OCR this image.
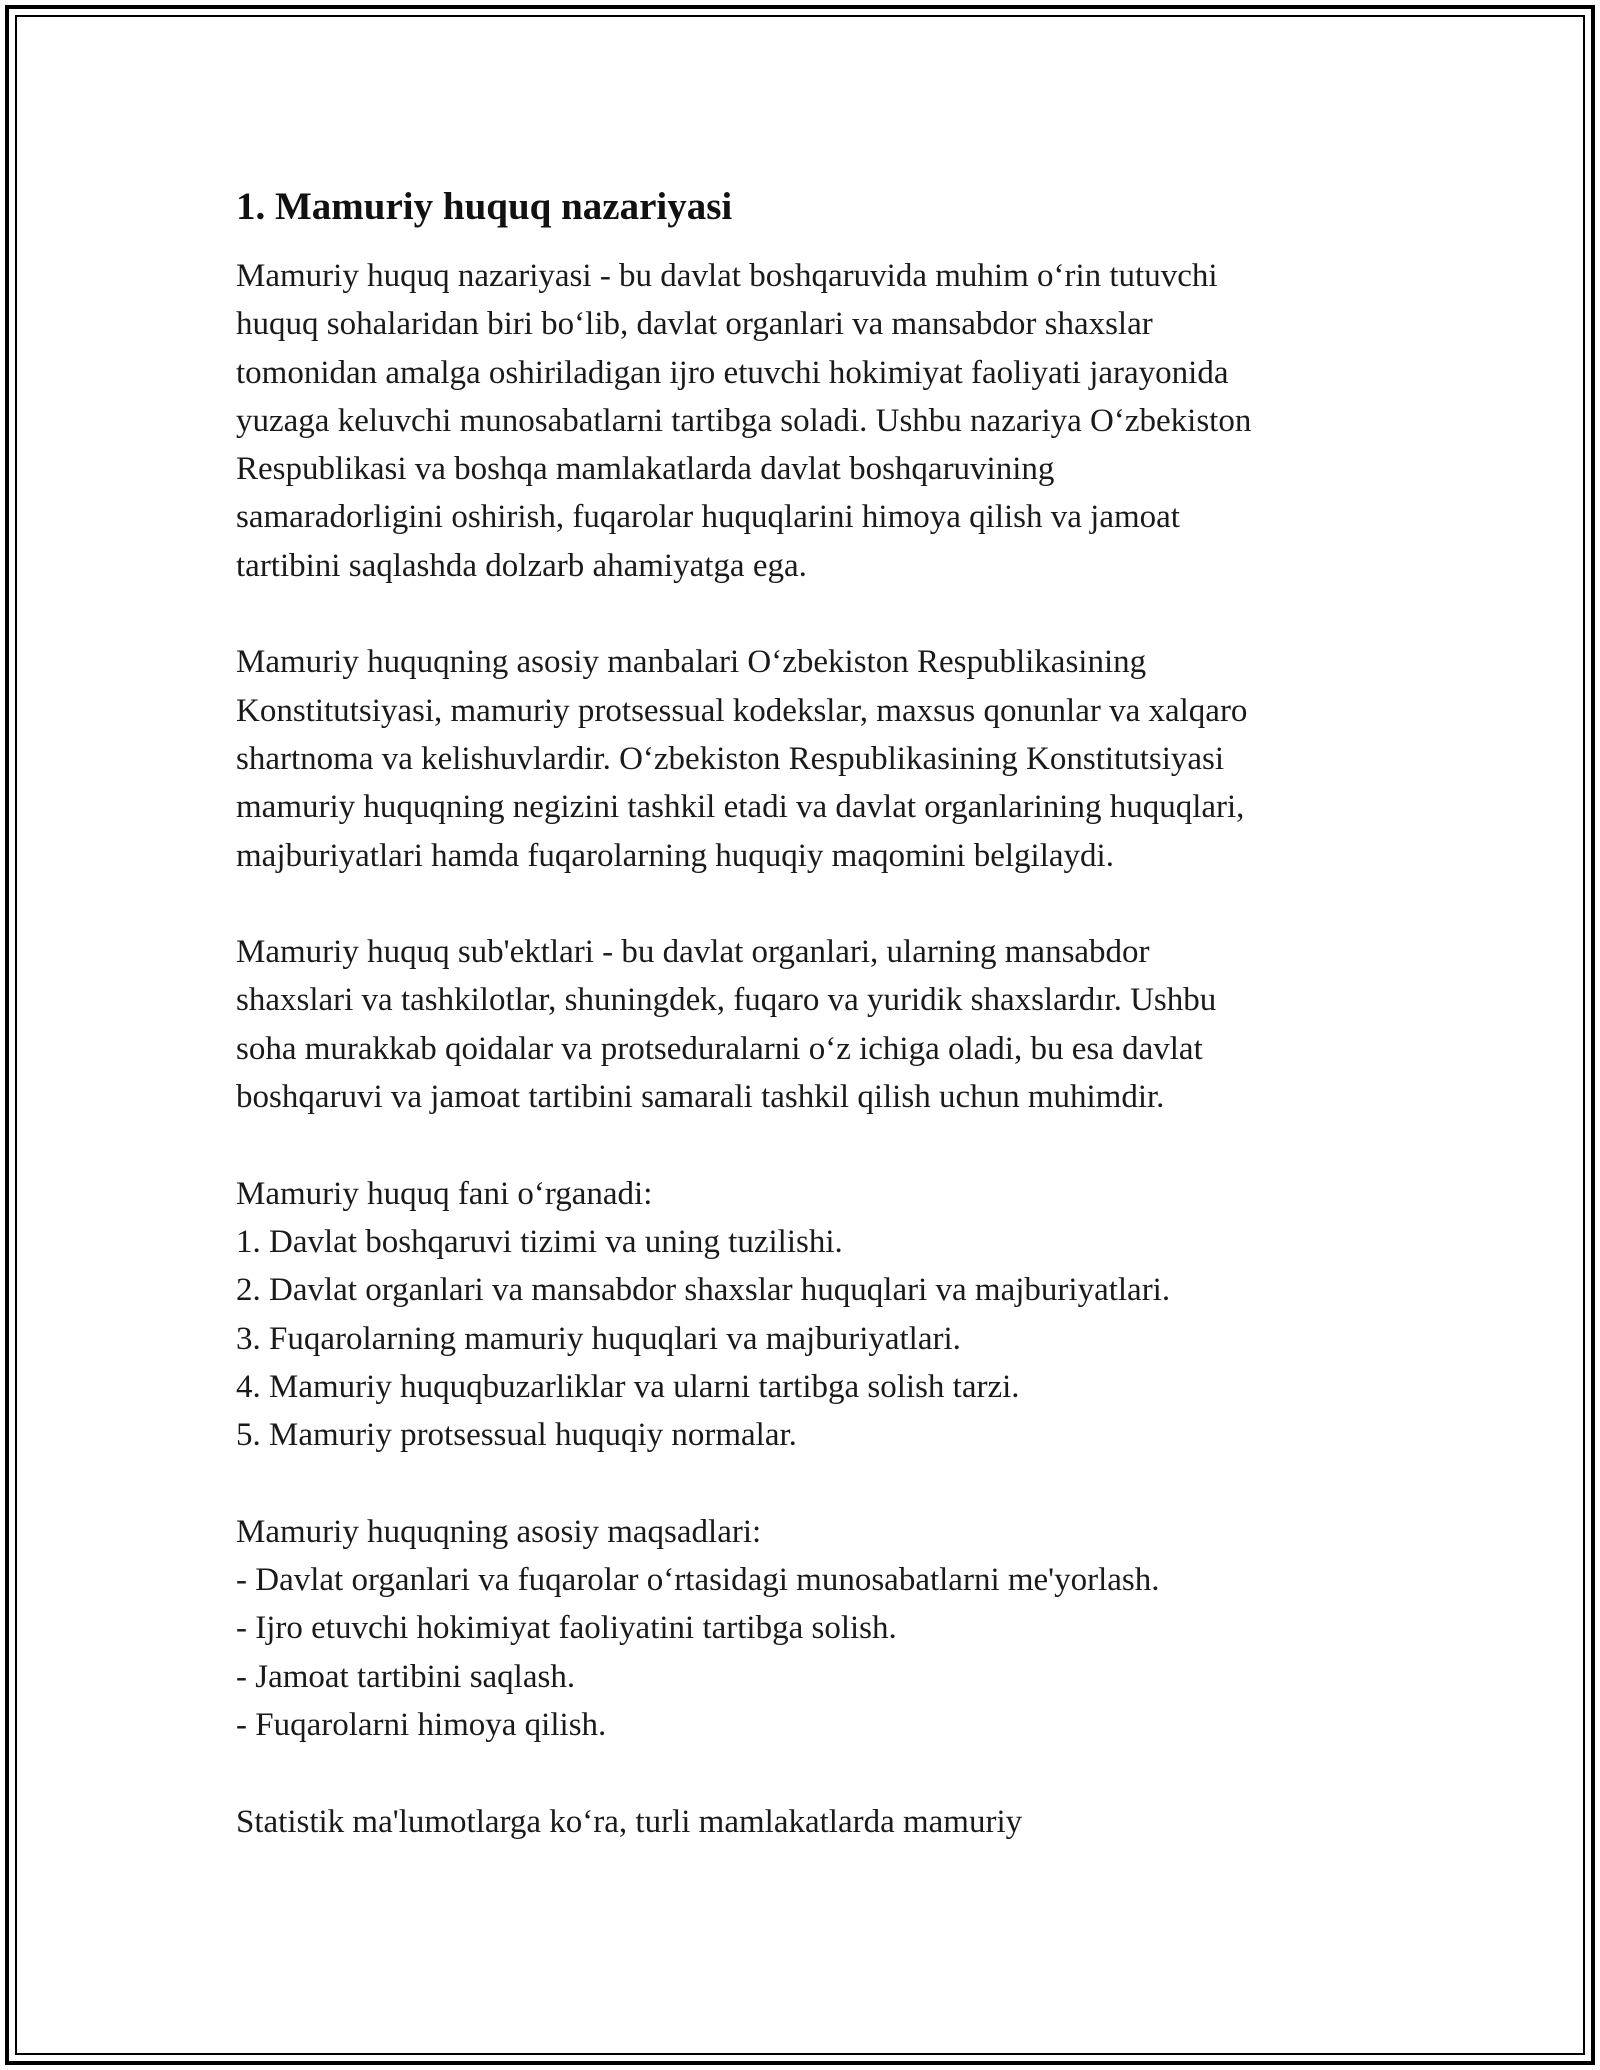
1. Mamuriy huquq nazariyasi

Mamuriy huquq nazariyasi - bu davlat boshqaruvida muhim o‘rin tutuvchi
huquq sohalaridan biri bo‘lib, davlat organlari va mansabdor shaxslar
tomonidan amalga oshiriladigan ijro etuvchi hokimiyat faoliyati jarayonida
yuzaga keluvchi munosabatlarni tartibga soladi. Ushbu nazariya O‘zbekiston
Respublikasi va boshqa mamlakatlarda davlat boshqaruvining
samaradorligini oshirish, fuqarolar huquqlarini himoya qilish va jamoat
tartibini saqlashda dolzarb ahamiyatga ega.

Mamuriy huquqning asosiy manbalari O‘zbekiston Respublikasining
Konstitutsiyasi, mamuriy protsessual kodekslar, maxsus qonunlar va xalqaro
shartnoma va kelishuvlardir. O‘zbekiston Respublikasining Konstitutsiyasi
mamuriy huquqning negizini tashkil etadi va davlat organlarining huquqlari,
majburiyatlari hamda fuqarolarning huquqiy maqomini belgilaydi.

Mamuriy huquq sub'ektlari - bu davlat organlari, ularning mansabdor
shaxslari va tashkilotlar, shuningdek, fuqaro va yuridik shaxslardır. Ushbu
soha murakkab qoidalar va protseduralarni o‘z ichiga oladi, bu esa davlat
boshqaruvi va jamoat tartibini samarali tashkil qilish uchun muhimdir.

Mamuriy huquq fani o‘rganadi:
1. Davlat boshqaruvi tizimi va uning tuzilishi.
2. Davlat organlari va mansabdor shaxslar huquqlari va majburiyatlari.
3. Fuqarolarning mamuriy huquqlari va majburiyatlari.
4. Mamuriy huquqbuzarliklar va ularni tartibga solish tarzi.
5. Mamuriy protsessual huquqiy normalar.
Mamuriy huquqning asosiy maqsadlari:
- Davlat organlari va fuqarolar o‘rtasidagi munosabatlarni me'yorlash.
- Ijro etuvchi hokimiyat faoliyatini tartibga solish.
- Jamoat tartibini saqlash.
- Fuqarolarni himoya qilish.

Statistik ma'lumotlarga ko‘ra, turli mamlakatlarda mamuriy
